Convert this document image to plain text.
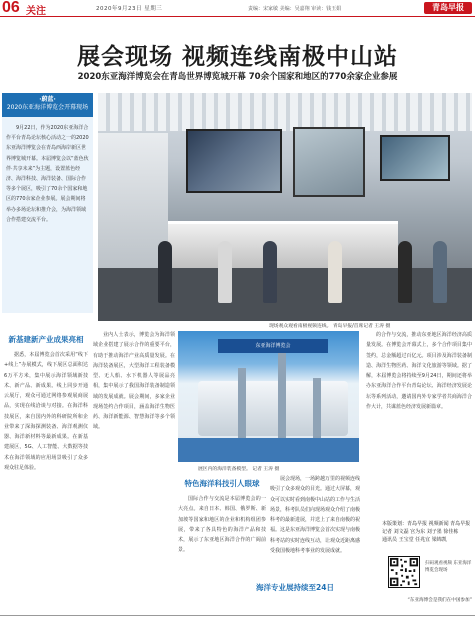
06 关注	2020年9月23日 星期三	责编：宋家敏 美编：吴嘉翔 审读：钱玉娟	青岛早报
展会现场 视频连线南极中山站
2020东亚海洋博览会在青岛世界博览城开幕 70余个国家和地区的770余家企业参展
·蔚蓝·
2020东亚海洋博览会开幕现场

9月22日，作为2020东亚海洋合作平台青岛论坛核心活动之一的2020东亚海洋博览会在青岛西海岸新区世界博览城开幕。本届博览会以“蓝色伙伴·共享未来”为主题，设置蓝色经济、海洋科技、海洋装备、国际合作等多个展区，吸引了70余个国家和地区的770余家企业参展。展会期间将举办多场论坛和推介会，为海洋领域合作搭建交流平台。

现场观众观看南极视频连线。 青岛早报/首席记者 王涛 摄
新基建新产业成果亮相

据悉，本届博览会首次采用“线下+线上”办展模式，线下展区总面积达6万平方米，集中展示海洋领域新技术、新产品、新成果。线上同步开通云展厅，观众可通过网络参观展商展品，实现在线洽谈与对接。在海洋科技展区，来自国内外的科研院所和企业带来了深海探测装备、海洋观测仪器、海洋新材料等最新成果。在新基建展区，5G、人工智能、大数据等技术在海洋领域的应用场景吸引了众多观众驻足体验。

业内人士表示，博览会为海洋领域企业搭建了展示合作的重要平台，有助于推动海洋产业高质量发展。在海洋装备展区，大型海洋工程装备模型、无人船、水下机器人等展品亮相，集中展示了我国海洋装备制造领域的发展成就。展会期间，多家企业现场签约合作项目，涵盖海洋生物医药、海洋新能源、智慧海洋等多个领域。

东亚海洋博览会
展区内的海洋装备模型。 记者 王涛 摄
特色海洋科技引人眼球

国际合作与交流是本届博览会的一大亮点。来自日本、韩国、俄罗斯、新加坡等国家和地区的企业和机构组团参展，带来了各具特色的海洋产品和技术，展示了东亚地区海洋合作的广阔前景。

展会现场，一场跨越万里的视频连线吸引了众多观众的目光。通过大屏幕，观众可以实时看到南极中山站的工作与生活场景，科考队员们向现场观众介绍了南极科考的最新进展，并送上了来自南极的祝福。这是东亚海洋博览会首次实现与南极科考站的实时连线互动，让观众近距离感受我国极地科考事业的发展成就。

的合作与交流，推动东亚地区海洋经济高质量发展。在博览会开幕式上，多个合作项目集中签约，总金额超过百亿元。项目涉及海洋装备制造、海洋生物医药、海洋文化旅游等领域。据了解，本届博览会将持续至9月24日，期间还将举办东亚海洋合作平台青岛论坛、海洋经济发展论坛等系列活动，邀请国内外专家学者共商海洋合作大计，共谋蓝色经济发展新篇章。

海洋专业展持续至24日
本版策划：青岛早报 视频新闻 青岛早报
记者 刘文磊 宫为东 刘子墨 徐佳栋
通讯员 王宝堂 任兆宜 梁锦凯
扫码观看视频 东亚海洋博览会现场
“东亚海博会是我们在中国参加”
